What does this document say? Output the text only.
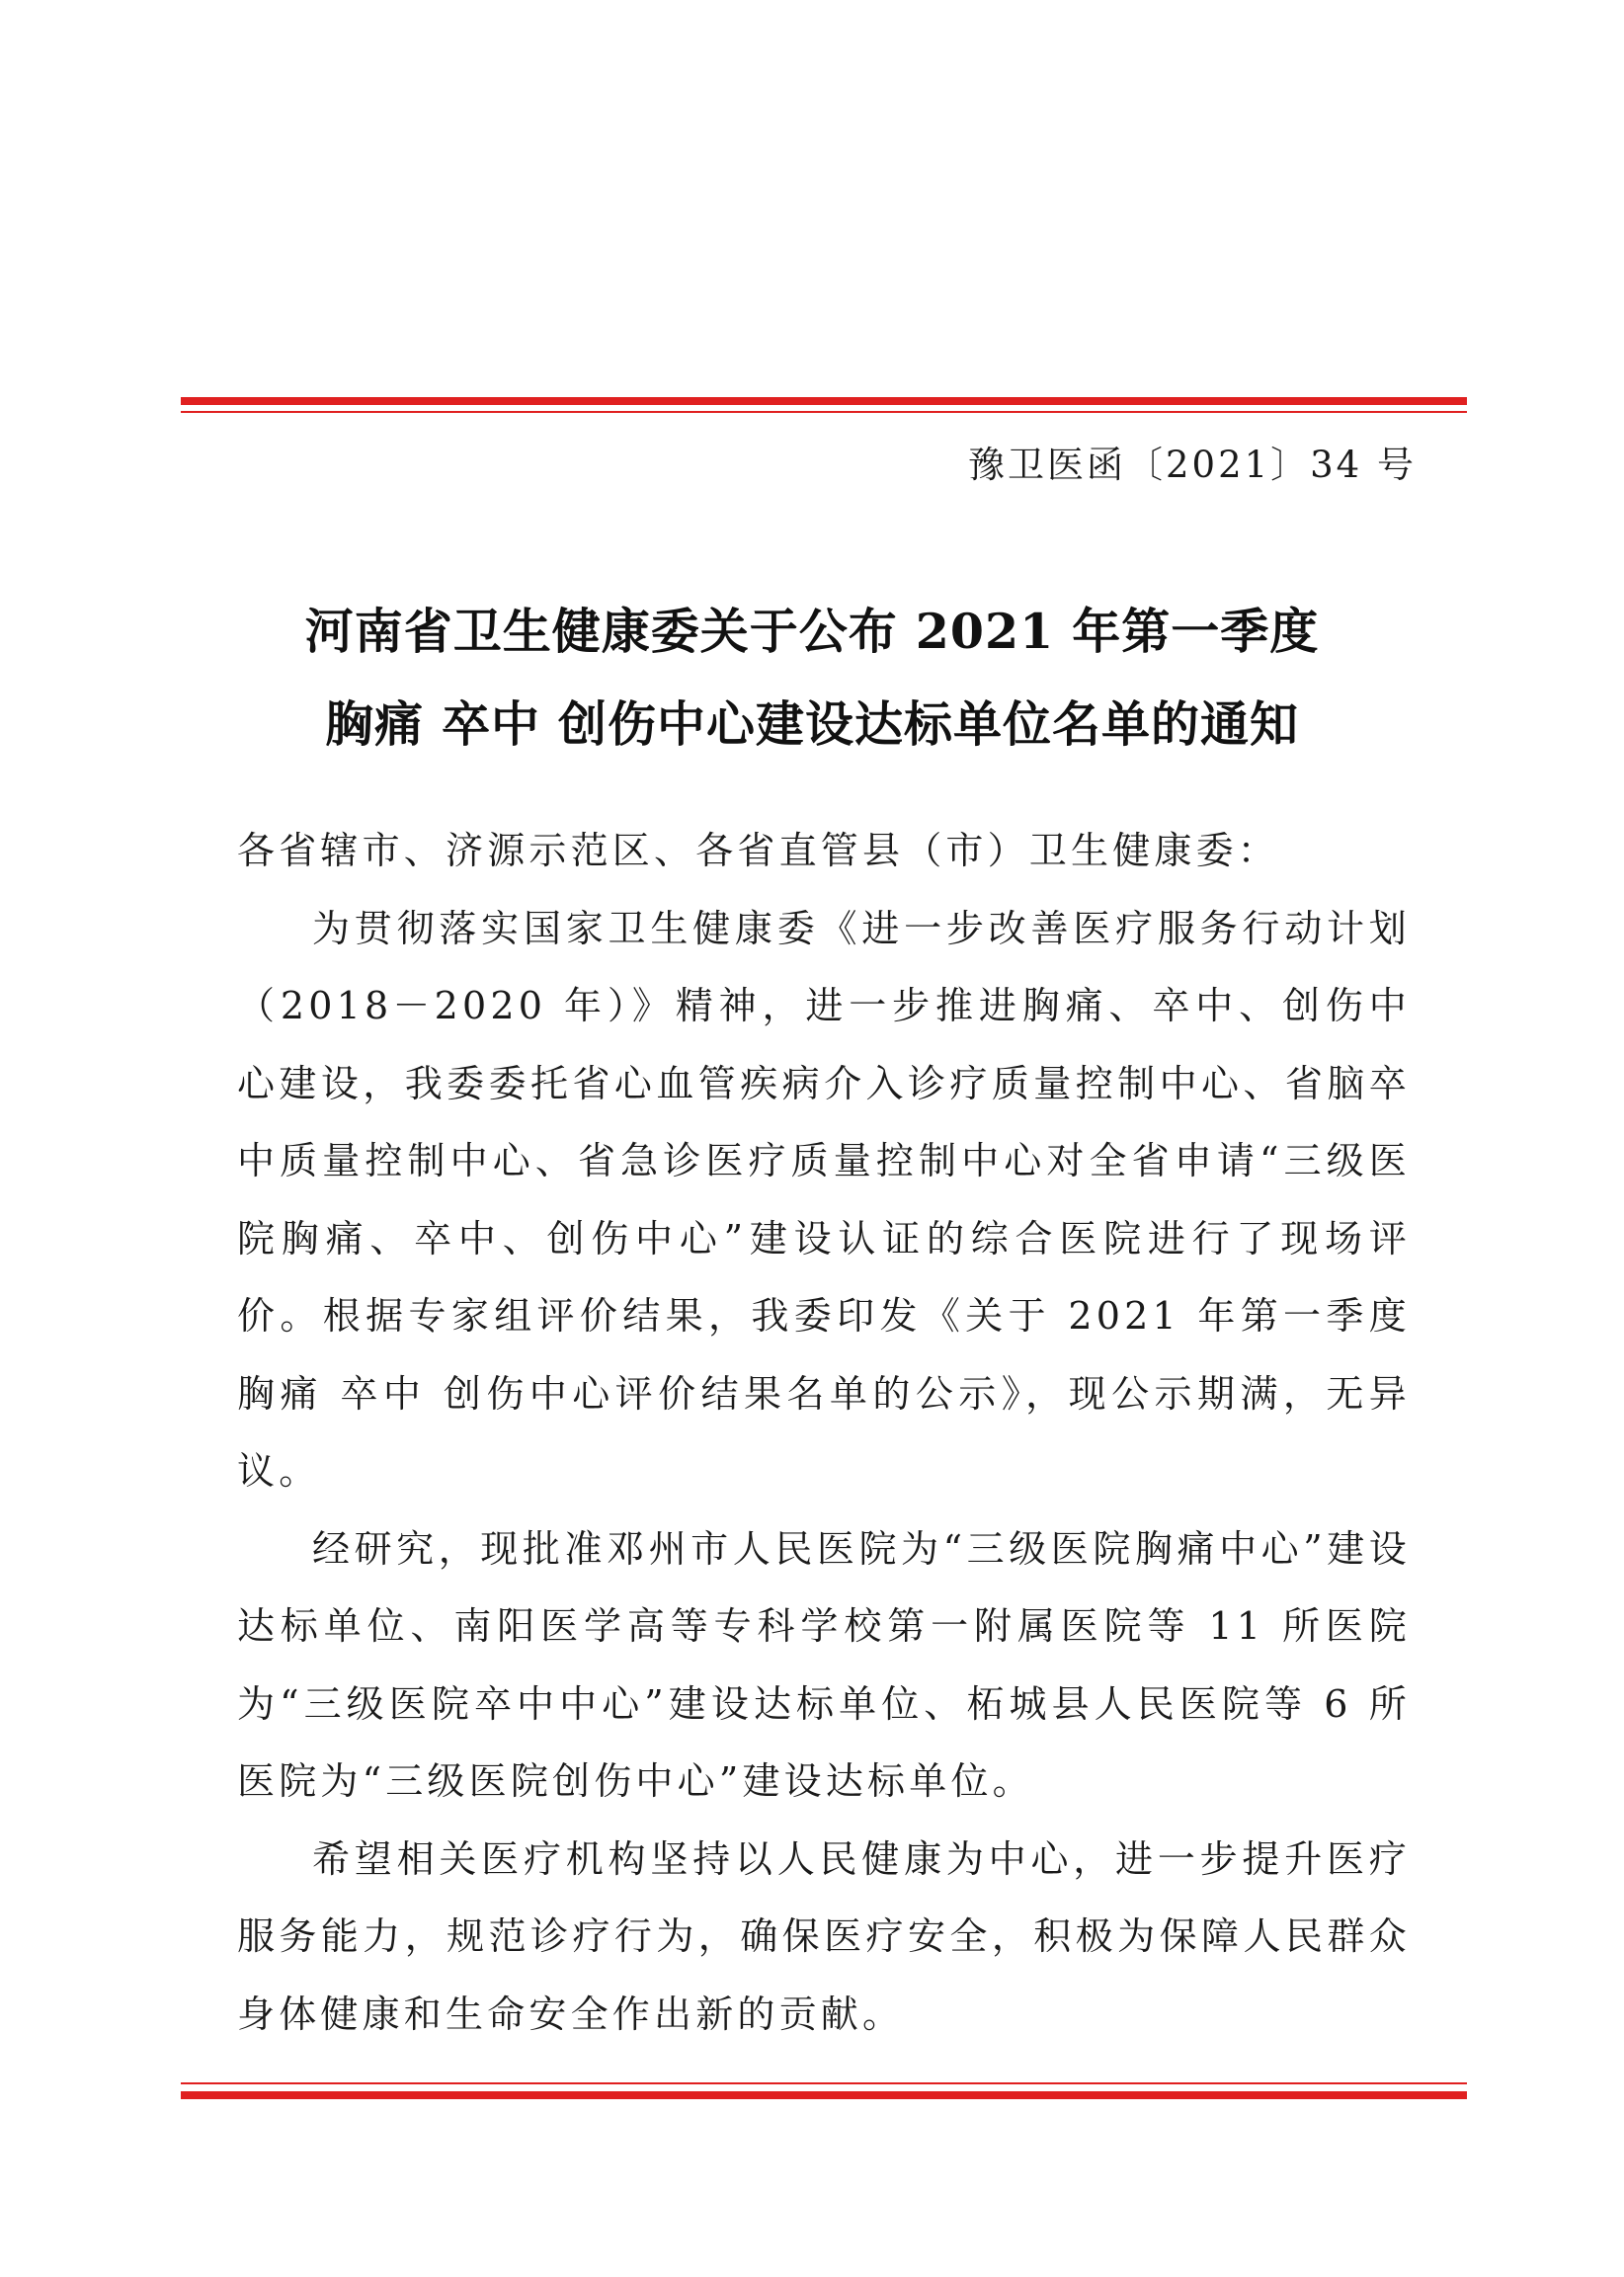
豫卫医函〔2021〕34 号
河南省卫生健康委关于公布 2021 年第一季度
胸痛 卒中 创伤中心建设达标单位名单的通知

各省辖市、济源示范区、各省直管县（市）卫生健康委：

为贯彻落实国家卫生健康委《进一步改善医疗服务行动计划（2018－2020 年）》精神，进一步推进胸痛、卒中、创伤中心建设，我委委托省心血管疾病介入诊疗质量控制中心、省脑卒中质量控制中心、省急诊医疗质量控制中心对全省申请“三级医院胸痛、卒中、创伤中心”建设认证的综合医院进行了现场评价。根据专家组评价结果，我委印发《关于 2021 年第一季度胸痛 卒中 创伤中心评价结果名单的公示》，现公示期满，无异议。

经研究，现批准邓州市人民医院为“三级医院胸痛中心”建设达标单位、南阳医学高等专科学校第一附属医院等 11 所医院为“三级医院卒中中心”建设达标单位、柘城县人民医院等 6 所医院为“三级医院创伤中心”建设达标单位。

希望相关医疗机构坚持以人民健康为中心，进一步提升医疗服务能力，规范诊疗行为，确保医疗安全，积极为保障人民群众身体健康和生命安全作出新的贡献。
